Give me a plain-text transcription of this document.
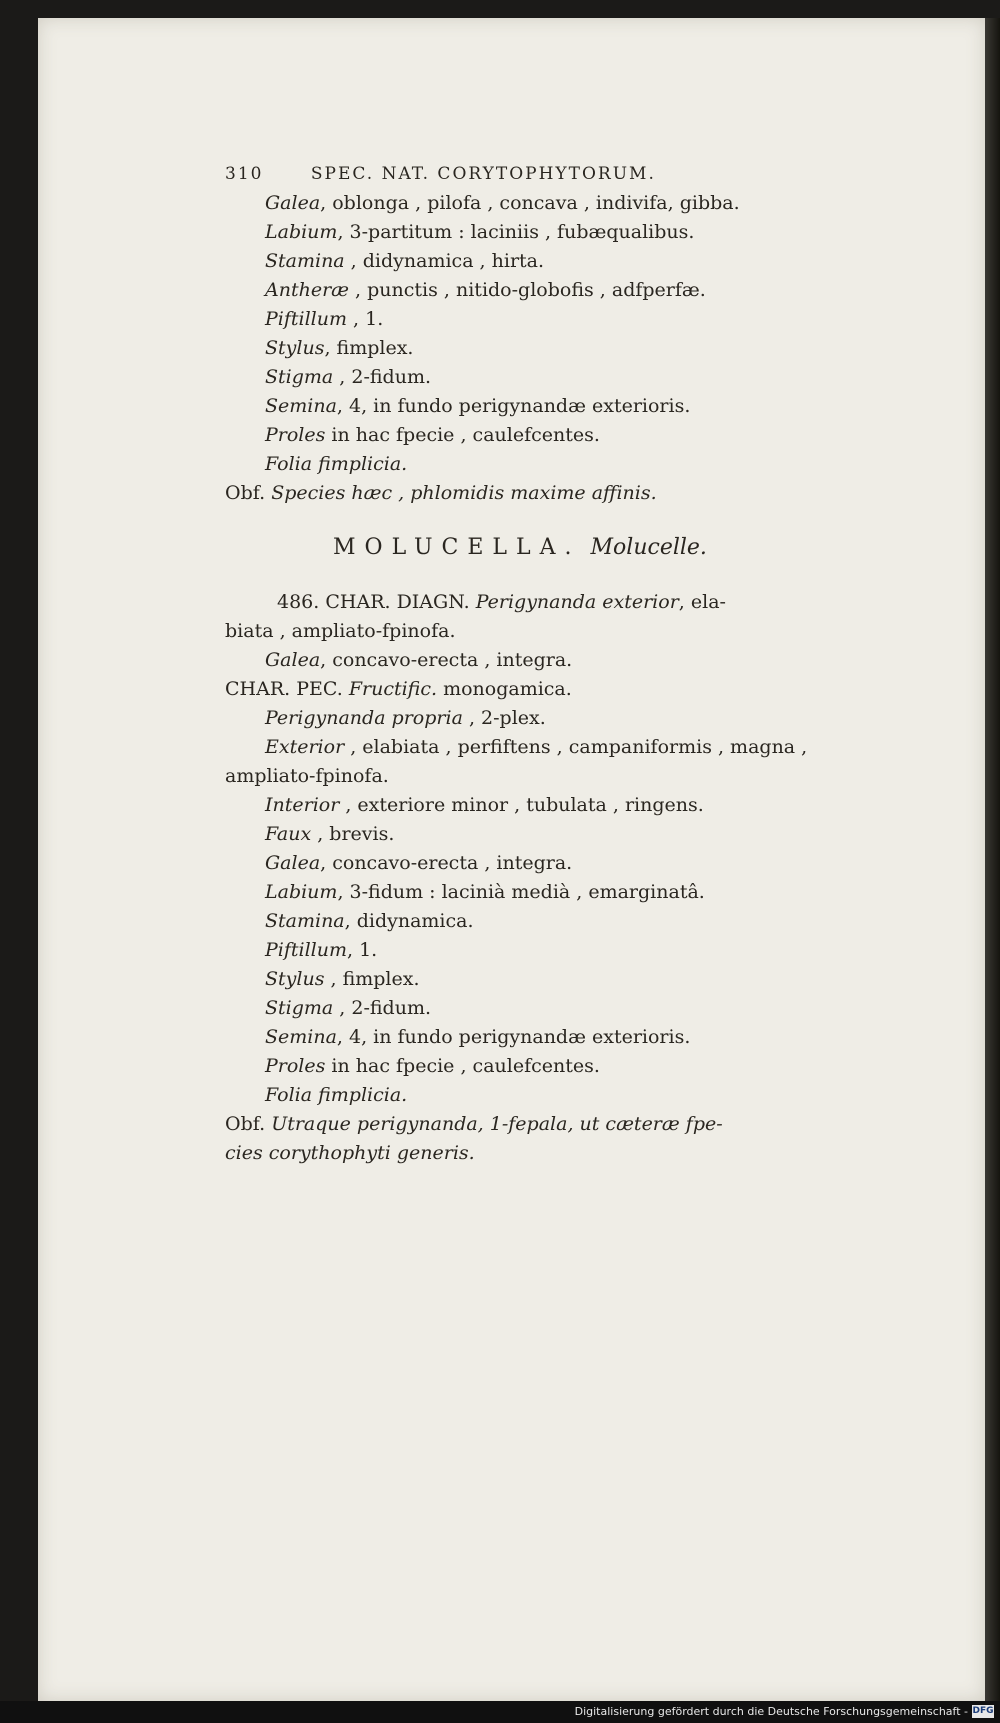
310	SPEC. NAT. CORYTOPHYTORUM.
Galea, oblonga , pilofa , concava , indivifa, gibba.
Labium, 3-partitum : laciniis , fubæqualibus.
Stamina , didynamica , hirta.
Antheræ , punctis , nitido-globofis , adfperfæ.
Piftillum , 1.
Stylus, fimplex.
Stigma , 2-fidum.
Semina, 4, in fundo perigynandæ exterioris.
Proles in hac fpecie , caulefcentes.
Folia fimplicia.
Obf. Species hæc , phlomidis maxime affinis.
MOLUCELLA. Molucelle.
486. CHAR. DIAGN. Perigynanda exterior, ela-
biata , ampliato-fpinofa.
Galea, concavo-erecta , integra.
CHAR. PEC. Fructific. monogamica.
Perigynanda propria , 2-plex.
Exterior , elabiata , perfiftens , campaniformis , magna ,
ampliato-fpinofa.
Interior , exteriore minor , tubulata , ringens.
Faux , brevis.
Galea, concavo-erecta , integra.
Labium, 3-fidum : lacinià medià , emarginatâ.
Stamina, didynamica.
Piftillum, 1.
Stylus , fimplex.
Stigma , 2-fidum.
Semina, 4, in fundo perigynandæ exterioris.
Proles in hac fpecie , caulefcentes.
Folia fimplicia.
Obf. Utraque perigynanda, 1-fepala, ut cæteræ fpe-
cies corythophyti generis.
Digitalisierung gefördert durch die Deutsche Forschungsgemeinschaft - DFG
